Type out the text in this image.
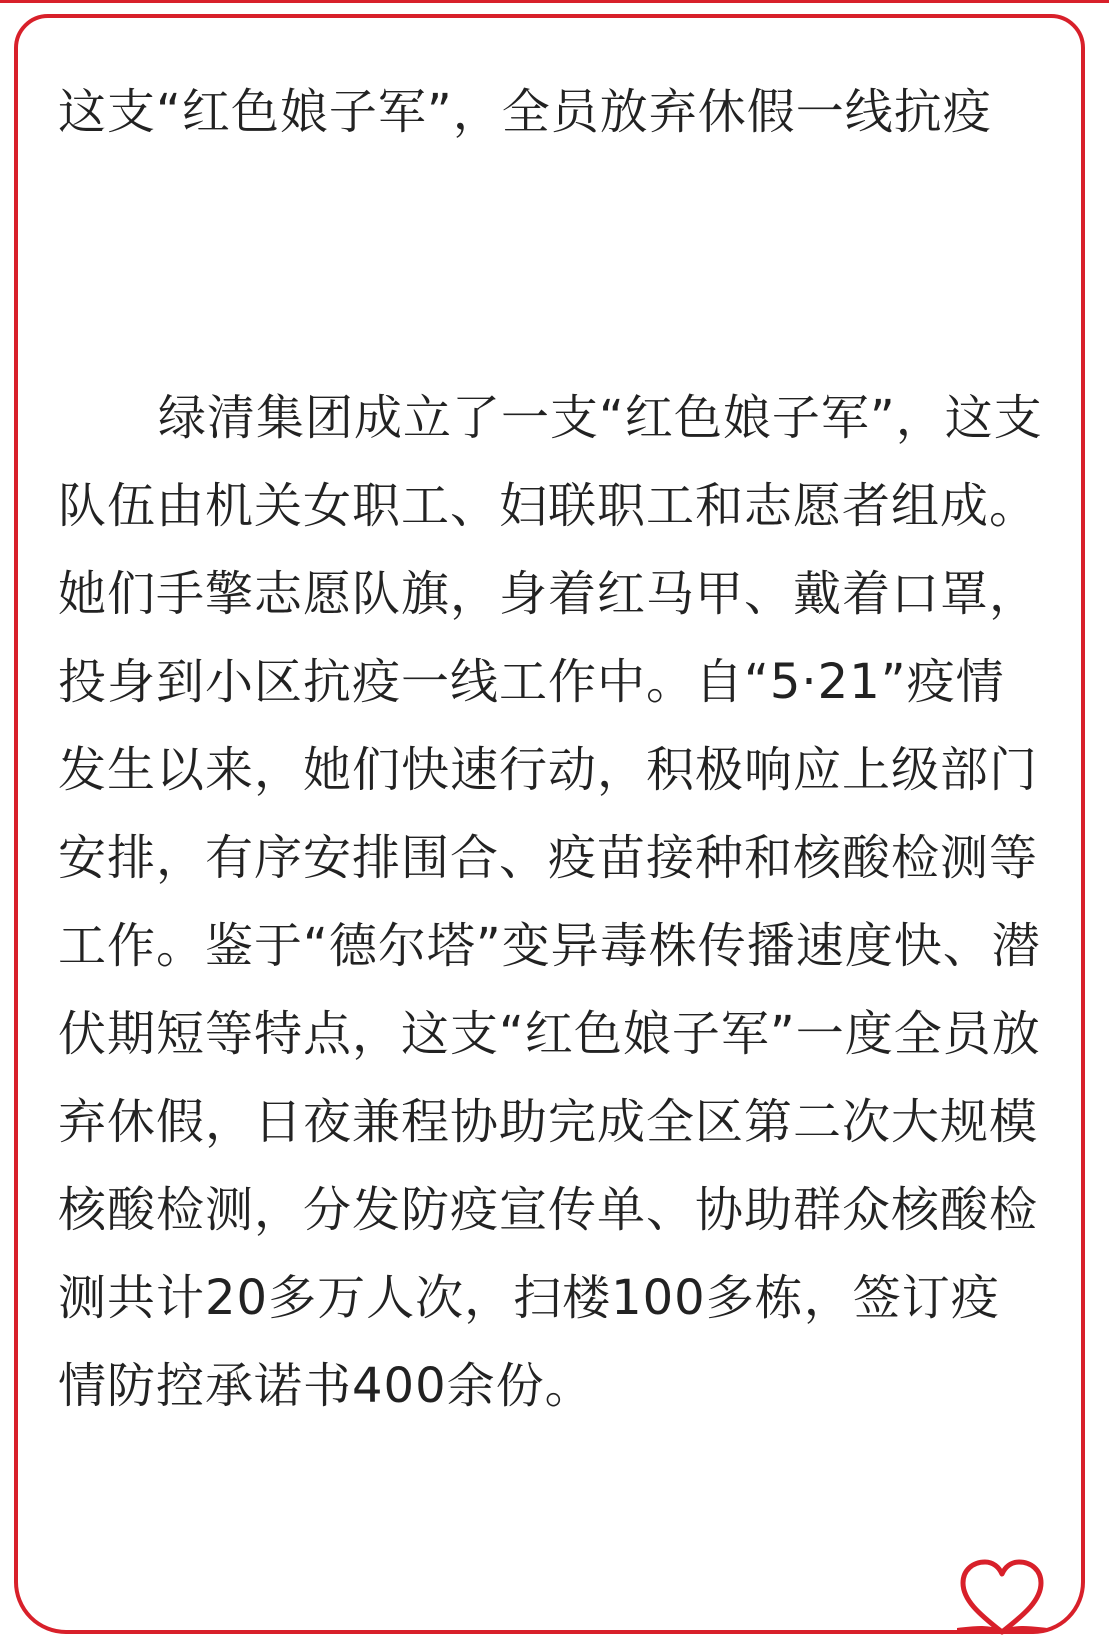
这支“红色娘子军”，全员放弃休假一线抗疫

绿清集团成立了一支“红色娘子军”，这支队伍由机关女职工、妇联职工和志愿者组成。她们手擎志愿队旗，身着红马甲、戴着口罩，投身到小区抗疫一线工作中。自“5·21”疫情发生以来，她们快速行动，积极响应上级部门安排，有序安排围合、疫苗接种和核酸检测等工作。鉴于“德尔塔”变异毒株传播速度快、潜伏期短等特点，这支“红色娘子军”一度全员放弃休假，日夜兼程协助完成全区第二次大规模核酸检测，分发防疫宣传单、协助群众核酸检测共计20多万人次，扫楼100多栋，签订疫情防控承诺书400余份。
